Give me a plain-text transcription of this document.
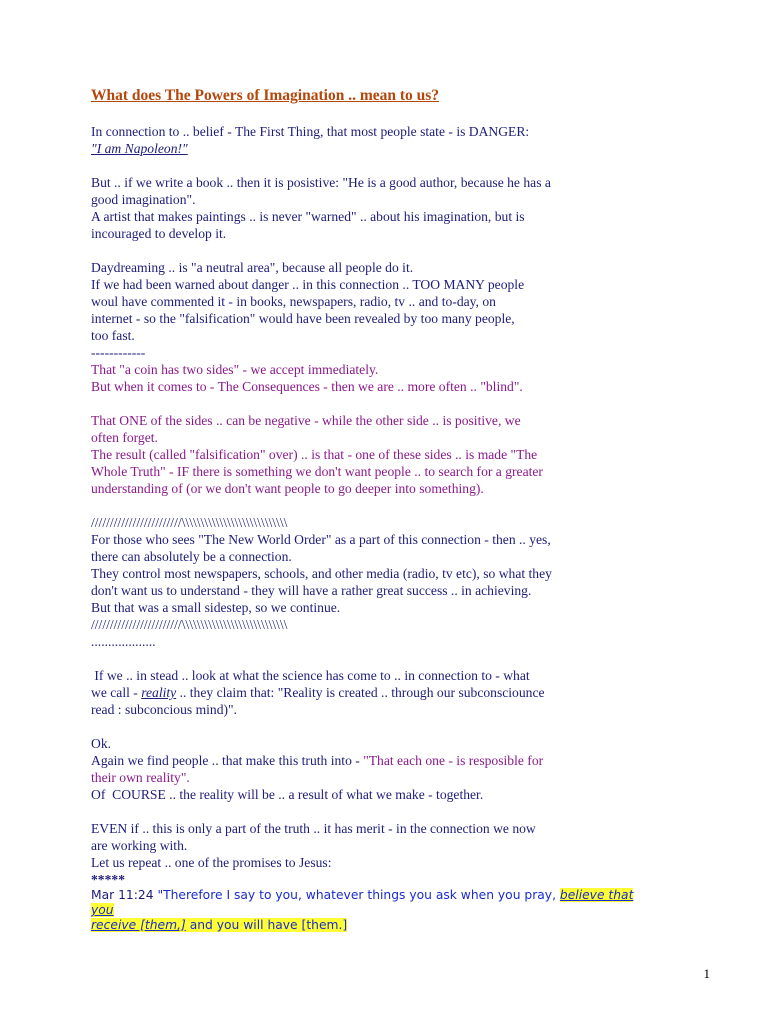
What does The Powers of Imagination .. mean to us?
In connection to .. belief - The First Thing, that most people state - is DANGER:
"I am Napoleon!"
But .. if we write a book .. then it is posistive: "He is a good author, because he has a
good imagination".
A artist that makes paintings .. is never "warned" .. about his imagination, but is
incouraged to develop it.
Daydreaming .. is "a neutral area", because all people do it.
If we had been warned about danger .. in this connection .. TOO MANY people
woul have commented it - in books, newspapers, radio, tv .. and to-day, on
internet - so the "falsification" would have been revealed by too many people,
too fast.
------------
That "a coin has two sides" - we accept immediately.
But when it comes to - The Consequences - then we are .. more often .. "blind".
That ONE of the sides .. can be negative - while the other side .. is positive, we
often forget.
The result (called "falsification" over) .. is that - one of these sides .. is made "The
Whole Truth" - IF there is something we don't want people .. to search for a greater
understanding of (or we don't want people to go deeper into something).
////////////////////////\\\\\\\\\\\\\\\\\\\\\\\\\\\\
For those who sees "The New World Order" as a part of this connection - then .. yes,
there can absolutely be a connection.
They control most newspapers, schools, and other media (radio, tv etc), so what they
don't want us to understand - they will have a rather great success .. in achieving.
But that was a small sidestep, so we continue.
////////////////////////\\\\\\\\\\\\\\\\\\\\\\\\\\\\
...................
If we .. in stead .. look at what the science has come to .. in connection to - what
we call - reality .. they claim that: "Reality is created .. through our subconsciounce
read : subconcious mind)".
Ok.
Again we find people .. that make this truth into - "That each one - is resposible for
their own reality".
Of  COURSE .. the reality will be .. a result of what we make - together.
EVEN if .. this is only a part of the truth .. it has merit - in the connection we now
are working with.
Let us repeat .. one of the promises to Jesus:
*****
Mar 11:24 "Therefore I say to you, whatever things you ask when you pray, believe that
you
receive [them,] and you will have [them.]
1
